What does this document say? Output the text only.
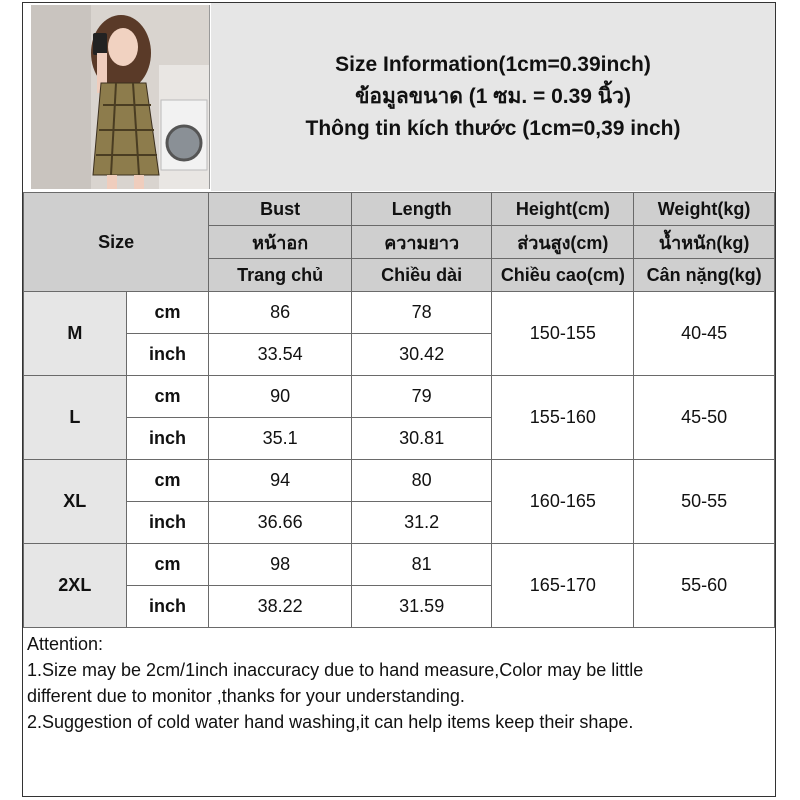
Size Information(1cm=0.39inch)
ข้อมูลขนาด (1 ซม. = 0.39 นิ้ว)
Thông tin kích thước (1cm=0,39 inch)
Size		Bust	Length	Height(cm)	Weight(kg)
		หน้าอก	ความยาว	ส่วนสูง(cm)	น้ำหนัก(kg)
		Trang chủ	Chiều dài	Chiều cao(cm)	Cân nặng(kg)
M	cm	86	78	150-155	40-45
	inch	33.54	30.42		
L	cm	90	79	155-160	45-50
	inch	35.1	30.81		
XL	cm	94	80	160-165	50-55
	inch	36.66	31.2		
2XL	cm	98	81	165-170	55-60
	inch	38.22	31.59		
Attention:
1.Size may be 2cm/1inch inaccuracy due to hand measure,Color may be little
different due to monitor ,thanks for your understanding.
2.Suggestion of cold water hand washing,it can help items keep their shape.
